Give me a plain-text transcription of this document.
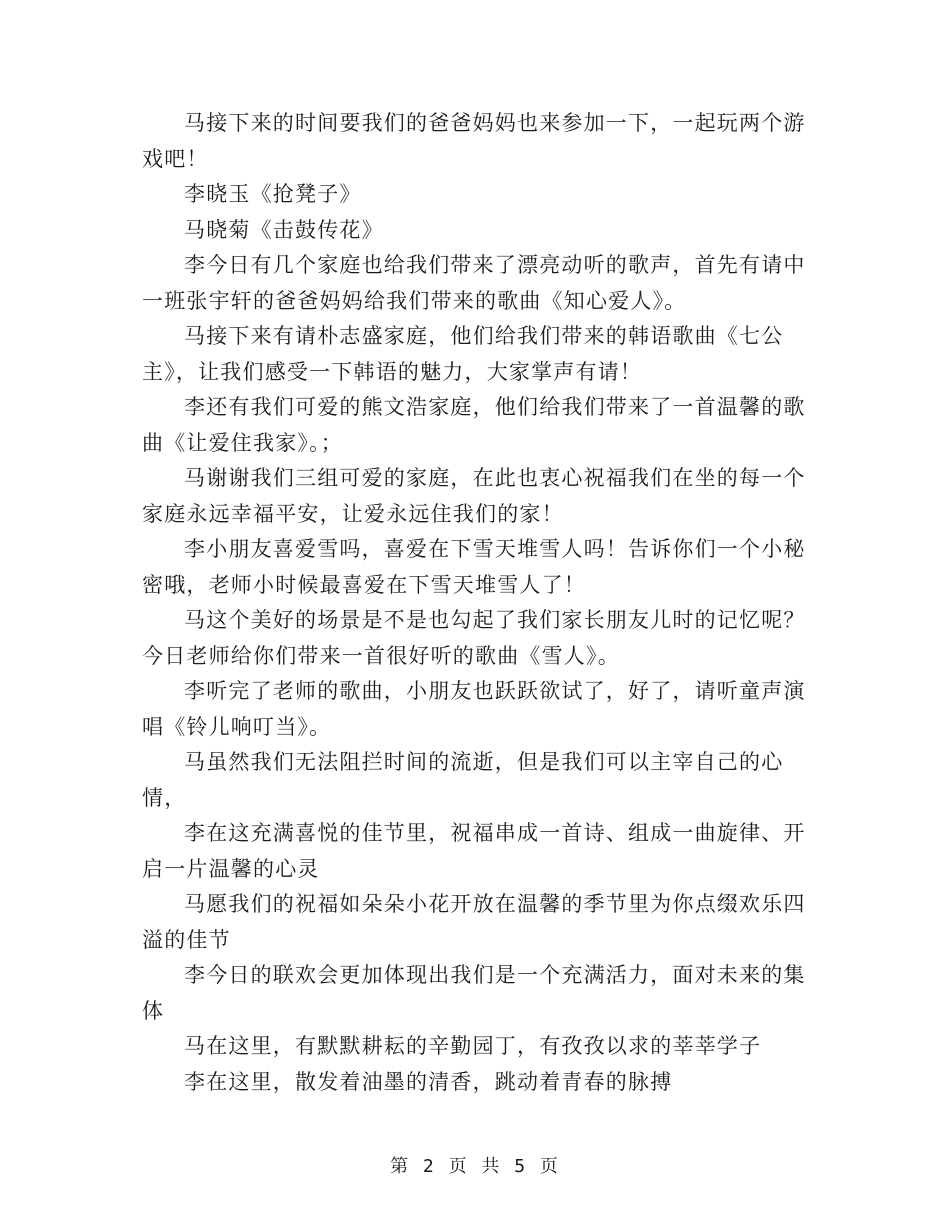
马接下来的时间要我们的爸爸妈妈也来参加一下，一起玩两个游戏吧！

李晓玉《抢凳子》

马晓菊《击鼓传花》

李今日有几个家庭也给我们带来了漂亮动听的歌声，首先有请中一班张宇轩的爸爸妈妈给我们带来的歌曲《知心爱人》。

马接下来有请朴志盛家庭，他们给我们带来的韩语歌曲《七公主》，让我们感受一下韩语的魅力，大家掌声有请！

李还有我们可爱的熊文浩家庭，他们给我们带来了一首温馨的歌曲《让爱住我家》。；

马谢谢我们三组可爱的家庭，在此也衷心祝福我们在坐的每一个家庭永远幸福平安，让爱永远住我们的家！

李小朋友喜爱雪吗，喜爱在下雪天堆雪人吗！告诉你们一个小秘密哦，老师小时候最喜爱在下雪天堆雪人了！

马这个美好的场景是不是也勾起了我们家长朋友儿时的记忆呢？今日老师给你们带来一首很好听的歌曲《雪人》。

李听完了老师的歌曲，小朋友也跃跃欲试了，好了，请听童声演唱《铃儿响叮当》。

马虽然我们无法阻拦时间的流逝，但是我们可以主宰自己的心情，

李在这充满喜悦的佳节里，祝福串成一首诗、组成一曲旋律、开启一片温馨的心灵

马愿我们的祝福如朵朵小花开放在温馨的季节里为你点缀欢乐四溢的佳节

李今日的联欢会更加体现出我们是一个充满活力，面对未来的集体

马在这里，有默默耕耘的辛勤园丁，有孜孜以求的莘莘学子

李在这里，散发着油墨的清香，跳动着青春的脉搏

第 2 页 共 5 页
